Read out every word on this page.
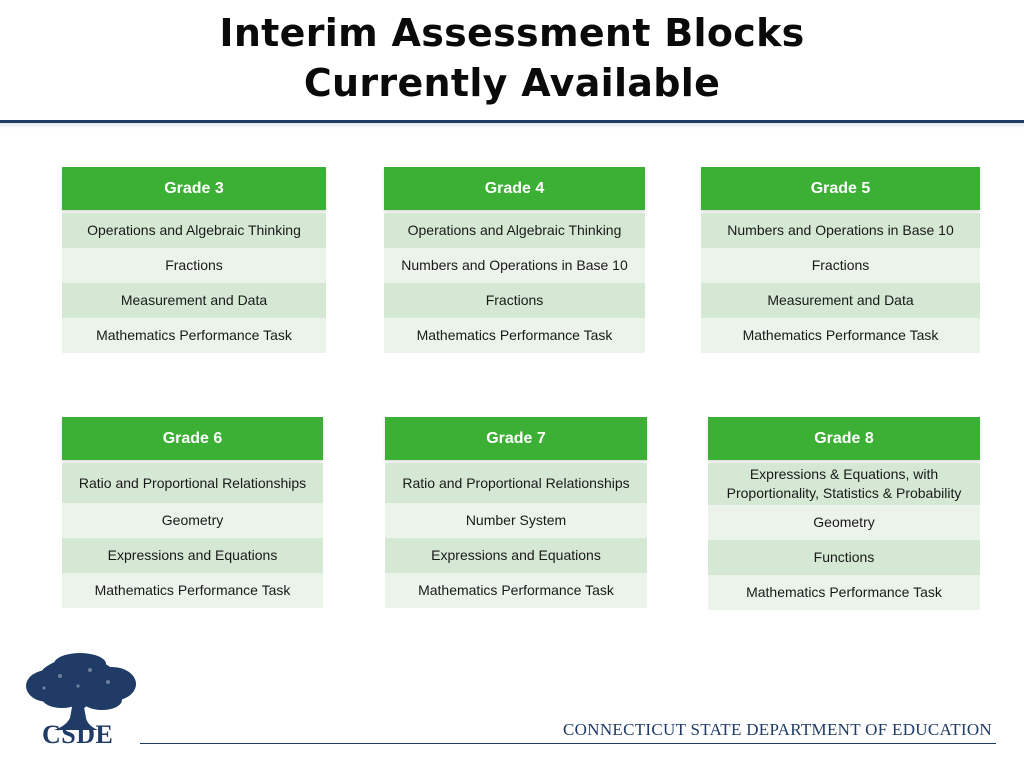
Interim Assessment Blocks
Currently Available
Grade 3
Operations and Algebraic Thinking
Fractions
Measurement and Data
Mathematics Performance Task
Grade 4
Operations and Algebraic Thinking
Numbers and Operations in Base 10
Fractions
Mathematics Performance Task
Grade 5
Numbers and Operations in Base 10
Fractions
Measurement and Data
Mathematics Performance Task
Grade 6
Ratio and Proportional Relationships
Geometry
Expressions and Equations
Mathematics Performance Task
Grade 7
Ratio and Proportional Relationships
Number System
Expressions and Equations
Mathematics Performance Task
Grade 8
Expressions & Equations, with Proportionality, Statistics & Probability
Geometry
Functions
Mathematics Performance Task
CSDE	CONNECTICUT STATE DEPARTMENT OF EDUCATION
